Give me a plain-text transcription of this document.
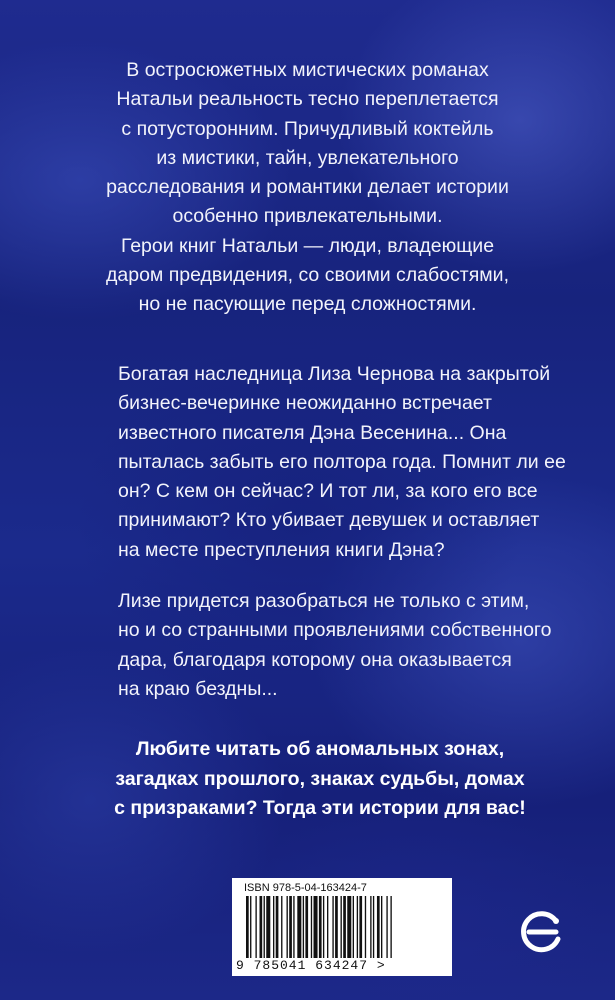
В остросюжетных мистических романах
Натальи реальность тесно переплетается
с потусторонним. Причудливый коктейль
из мистики, тайн, увлекательного
расследования и романтики делает истории
особенно привлекательными.
Герои книг Натальи — люди, владеющие
даром предвидения, со своими слабостями,
но не пасующие перед сложностями.

Богатая наследница Лиза Чернова на закрытой
бизнес-вечеринке неожиданно встречает
известного писателя Дэна Весенина... Она
пыталась забыть его полтора года. Помнит ли ее
он? С кем он сейчас? И тот ли, за кого его все
принимают? Кто убивает девушек и оставляет
на месте преступления книги Дэна?

Лизе придется разобраться не только с этим,
но и со странными проявлениями собственного
дара, благодаря которому она оказывается
на краю бездны...

Любите читать об аномальных зонах,
загадках прошлого, знаках судьбы, домах
с призраками? Тогда эти истории для вас!

ISBN 978-5-04-163424-7
9 785041 634247 >
